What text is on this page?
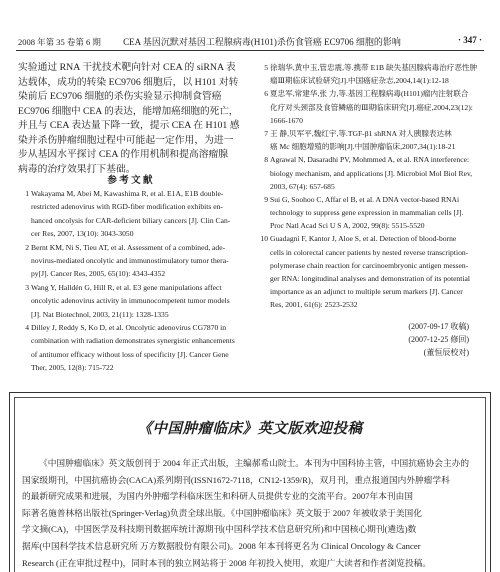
2008 年第 35 卷第 6 期	CEA 基因沉默对基因工程腺病毒(H101)杀伤食管癌 EC9706 细胞的影响	· 347 ·
实验通过 RNA 干扰技术靶向针对 CEA 的 siRNA 表
达载体，成功的转染 EC9706 细胞后，以 H101 对转
染前后 EC9706 细胞的杀伤实验显示抑制食管癌
EC9706 细胞中 CEA 的表达，能增加癌细胞的死亡，
并且与 CEA 表达量下降一致，提示 CEA 在 H101 感
染并杀伤肿瘤细胞过程中可能起一定作用，为进一
步从基因水平探讨 CEA 的作用机制和提高溶瘤腺
病毒的治疗效果打下基础。
参 考 文 献
1 Wakayama M, Abei M, Kawashima R, et al. E1A, E1B double-
restricted adenovirus with RGD-fiber modification exhibits en-
hanced oncolysis for CAR-deficient biliary cancers [J]. Clin Can-
cer Res, 2007, 13(10): 3043-3050
2 Bernt KM, Ni S, Tieu AT, et al. Assessment of a combined, ade-
novirus-mediated oncolytic and immunostimulatory tumor thera-
py[J]. Cancer Res, 2005, 65(10): 4343-4352
3 Wang Y, Halldén G, Hill R, et al. E3 gene manipulations affect
oncolytic adenovirus activity in immunocompetent tumor models
[J]. Nat Biotechnol, 2003, 21(11): 1328-1335
4 Dilley J, Reddy S, Ko D, et al. Oncolytic adenovirus CG7870 in
combination with radiation demonstrates synergistic enhancements
of antitumor efficacy without loss of specificity [J]. Cancer Gene
Ther, 2005, 12(8): 715-722
5 徐瑞华,黄中玉,管忠震,等.携带 E1B 缺失基因腺病毒治疗恶性肿
瘤Ⅲ期临床试验研究[J].中国癌症杂志,2004,14(1):12-18
6 夏忠军,常建华,张 力,等.基因工程腺病毒(H101)瘤内注射联合
化疗对头颈部及食管鳞癌的Ⅲ期临床研究[J].癌症,2004,23(12):
1666-1670
7 王 静,贝军平,魏红宇,等.TGF-β1 shRNA 对人胰腺表达林
癌 Mc 细胞增殖的影响[J].中国肿瘤临床,2007,34(1):18-21
8 Agrawal N, Dasaradhi PV, Mohmmed A, et al. RNA interference:
biology mechanism, and applications [J]. Microbiol Mol Biol Rev,
2003, 67(4): 657-685
9 Sui G, Soohoo C, Affar el B, et al. A DNA vector-based RNAi
technology to suppress gene expression in mammalian cells [J].
Proc Natl Acad Sci U S A, 2002, 99(8): 5515-5520
10 Guadagni F, Kantor J, Aloe S, et al. Detection of blood-borne
cells in colorectal cancer patients by nested reverse transcription-
polymerase chain reaction for carcinoembryonic antigen messen-
ger RNA: longitudinal analyses and demonstration of its potential
importance as an adjunct to multiple serum markers [J]. Cancer
Res, 2001, 61(6): 2523-2532
(2007-09-17 收稿)
(2007-12-25 修回)
(董恒辰校对)
《中国肿瘤临床》英文版欢迎投稿
《中国肿瘤临床》英文版创刊于 2004 年正式出版，主编郝希山院士。本刊为中国科协主管，中国抗癌协会主办的
国家级期刊，中国抗癌协会(CACA)系列期刊(ISSN1672-7118，CN12-1359/R)，双月刊，重点报道国内外肿瘤学科
的最新研究成果和进展，为国内外肿瘤学科临床医生和科研人员提供专业的交流平台。2007年本刊由国
际著名施普林格出版社(Springer-Verlag)负责全球出版。《中国肿瘤临床》英文版于 2007 年被收录于美国化
学文摘(CA)，中国医学及科技期刊数据库统计源期刊(中国科学技术信息研究所)和中国核心期刊(遴选)数
据库(中国科学技术信息研究所 万方数据股份有限公司)。2008 年本刊将更名为 Clinical Oncology & Cancer
Research (正在审批过程中)，同时本刊的独立网站将于 2008 年初投入使用，欢迎广大读者和作者浏览投稿。
